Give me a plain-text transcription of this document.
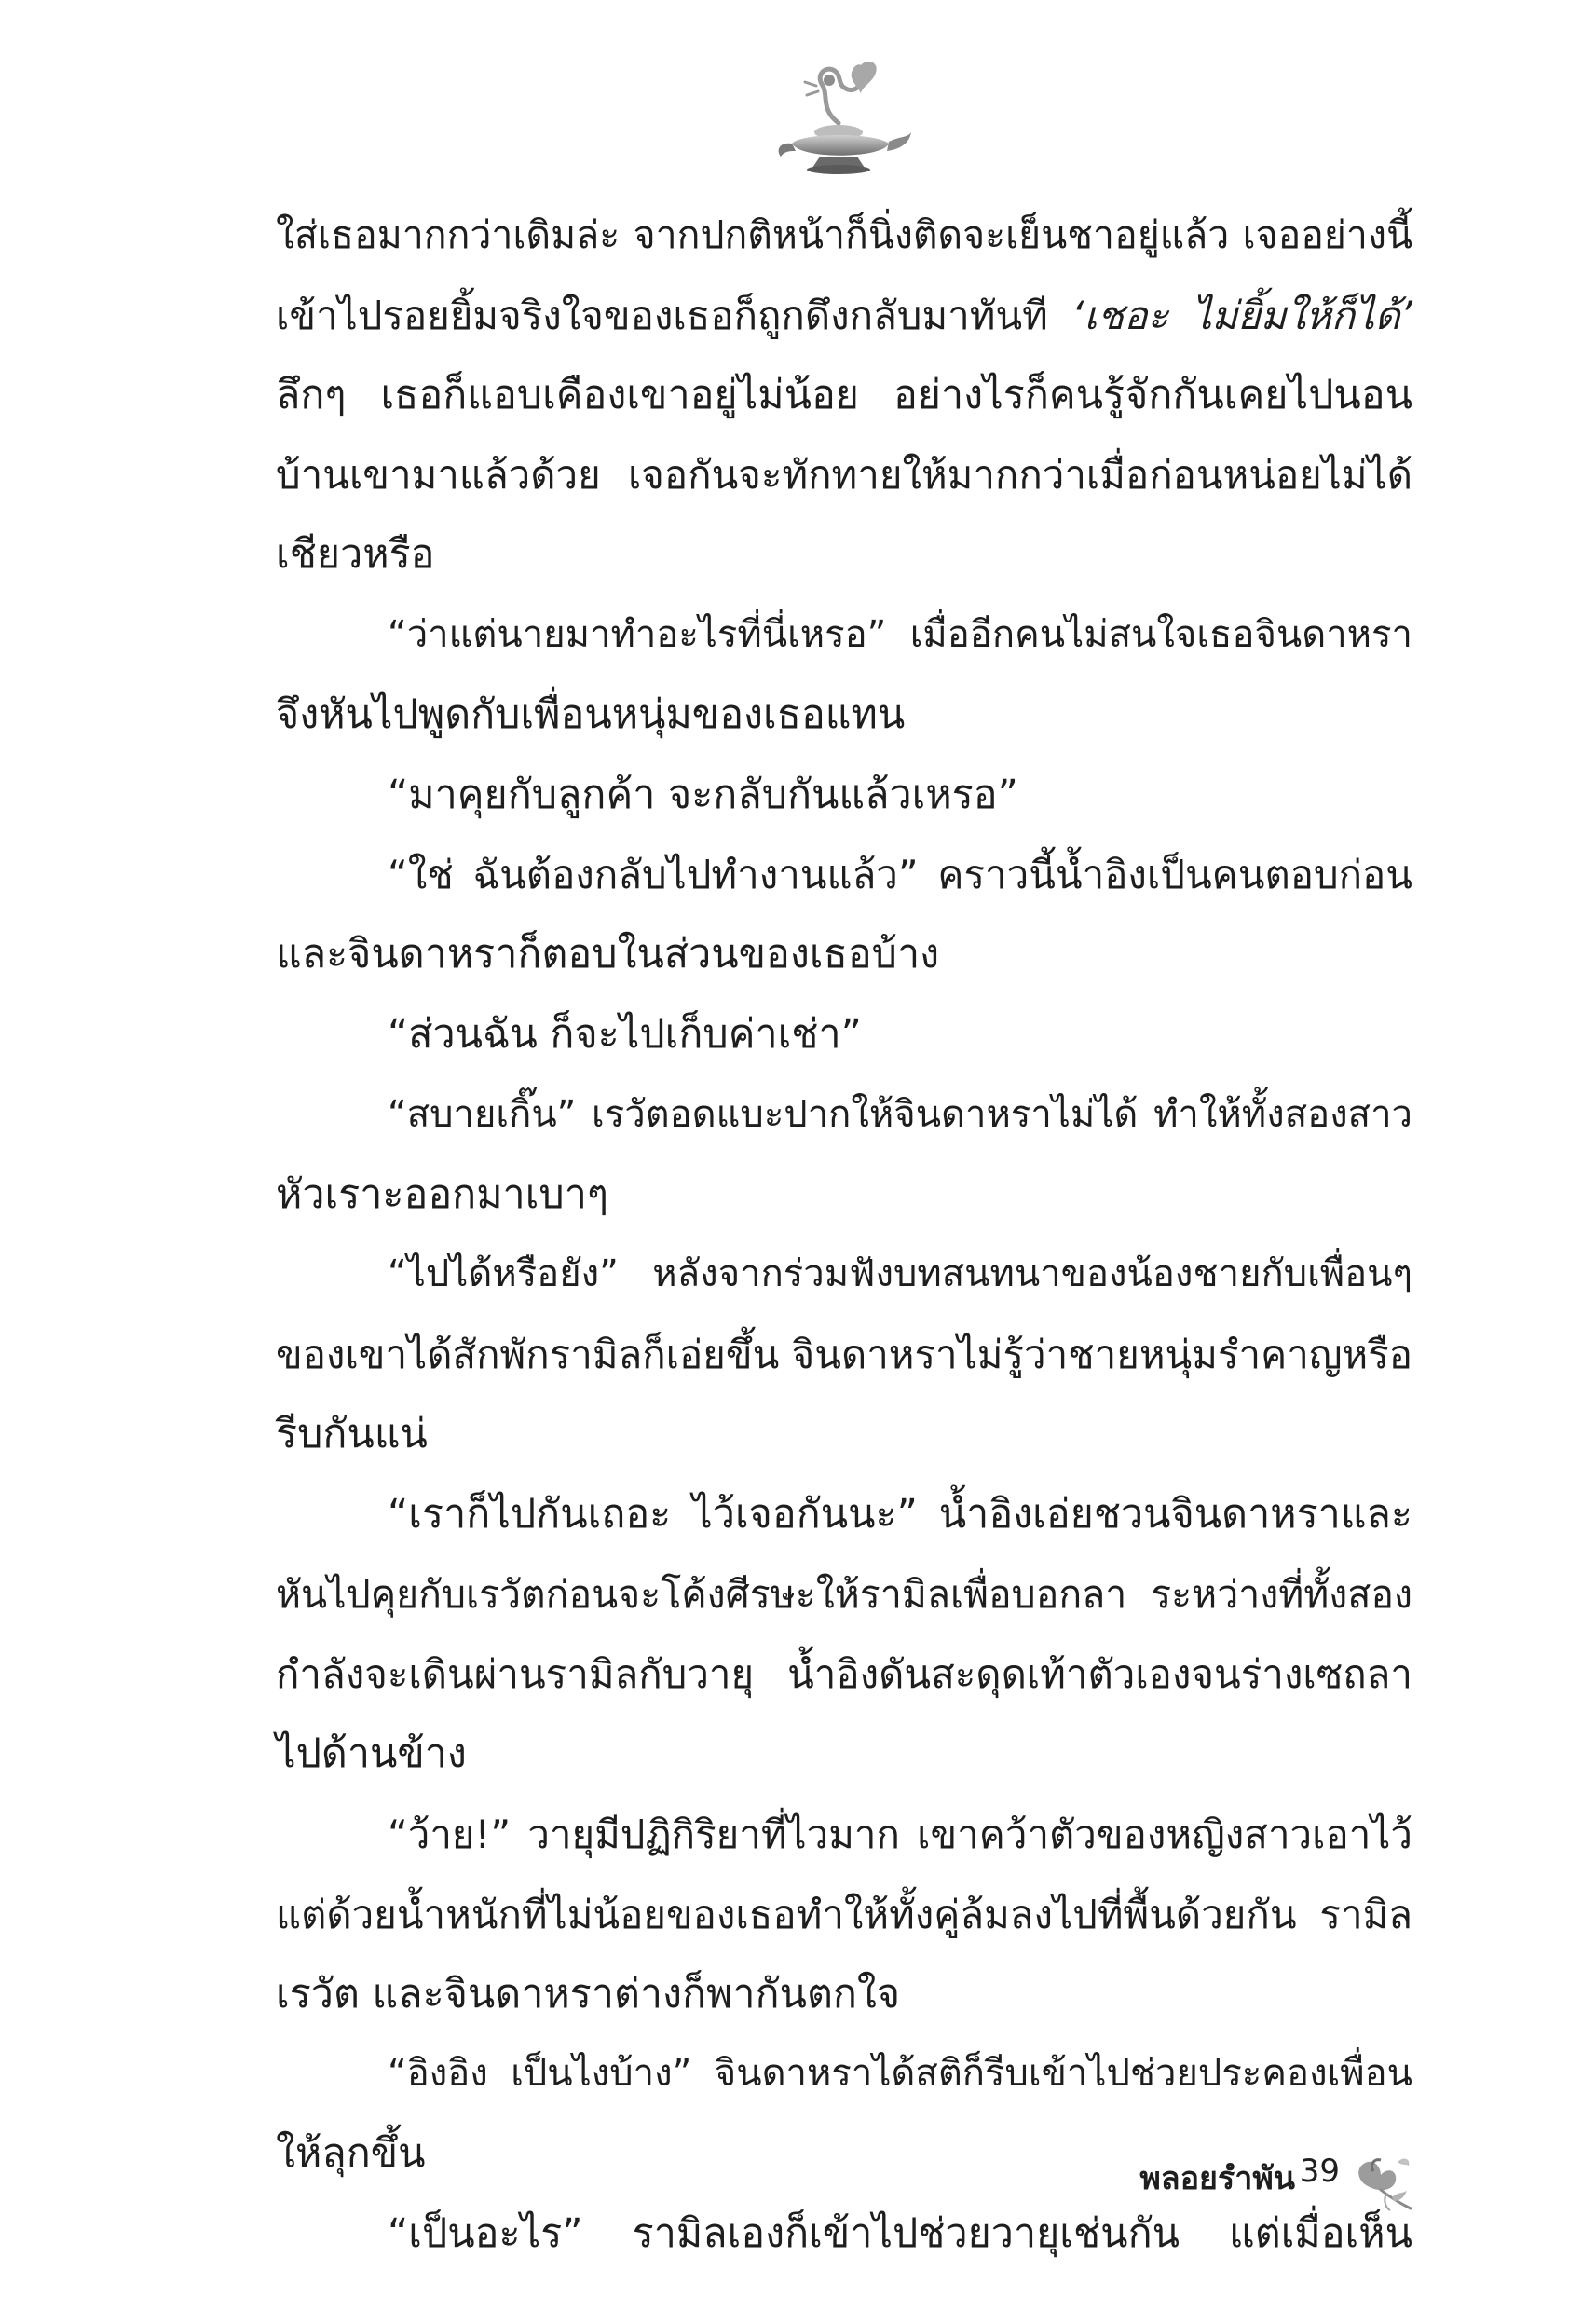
ใส่เธอมากกว่าเดิมล่ะ จากปกติหน้าก็นิ่งติดจะเย็นชาอยู่แล้ว เจออย่างนี้
เข้าไปรอยยิ้มจริงใจของเธอก็ถูกดึงกลับมาทันที ‘เชอะ ไม่ยิ้มให้ก็ได้’
ลึกๆ เธอก็แอบเคืองเขาอยู่ไม่น้อย อย่างไรก็คนรู้จักกันเคยไปนอน
บ้านเขามาแล้วด้วย เจอกันจะทักทายให้มากกว่าเมื่อก่อนหน่อยไม่ได้
เชียวหรือ
“ว่าแต่นายมาทำอะไรที่นี่เหรอ” เมื่ออีกคนไม่สนใจเธอจินดาหรา
จึงหันไปพูดกับเพื่อนหนุ่มของเธอแทน
“มาคุยกับลูกค้า จะกลับกันแล้วเหรอ”
“ใช่ ฉันต้องกลับไปทำงานแล้ว” คราวนี้น้ำอิงเป็นคนตอบก่อน
และจินดาหราก็ตอบในส่วนของเธอบ้าง
“ส่วนฉัน ก็จะไปเก็บค่าเช่า”
“สบายเกิ๊น” เรวัตอดแบะปากให้จินดาหราไม่ได้ ทำให้ทั้งสองสาว
หัวเราะออกมาเบาๆ
“ไปได้หรือยัง” หลังจากร่วมฟังบทสนทนาของน้องชายกับเพื่อนๆ
ของเขาได้สักพักรามิลก็เอ่ยขึ้น จินดาหราไม่รู้ว่าชายหนุ่มรำคาญหรือ
รีบกันแน่
“เราก็ไปกันเถอะ ไว้เจอกันนะ” น้ำอิงเอ่ยชวนจินดาหราและ
หันไปคุยกับเรวัตก่อนจะโค้งศีรษะให้รามิลเพื่อบอกลา ระหว่างที่ทั้งสอง
กำลังจะเดินผ่านรามิลกับวายุ น้ำอิงดันสะดุดเท้าตัวเองจนร่างเซถลา
ไปด้านข้าง
“ว้าย!” วายุมีปฏิกิริยาที่ไวมาก เขาคว้าตัวของหญิงสาวเอาไว้
แต่ด้วยน้ำหนักที่ไม่น้อยของเธอทำให้ทั้งคู่ล้มลงไปที่พื้นด้วยกัน รามิล
เรวัต และจินดาหราต่างก็พากันตกใจ
“อิงอิง เป็นไงบ้าง” จินดาหราได้สติก็รีบเข้าไปช่วยประคองเพื่อน
ให้ลุกขึ้น
“เป็นอะไร” รามิลเองก็เข้าไปช่วยวายุเช่นกัน แต่เมื่อเห็น
พลอยรำพัน 39
